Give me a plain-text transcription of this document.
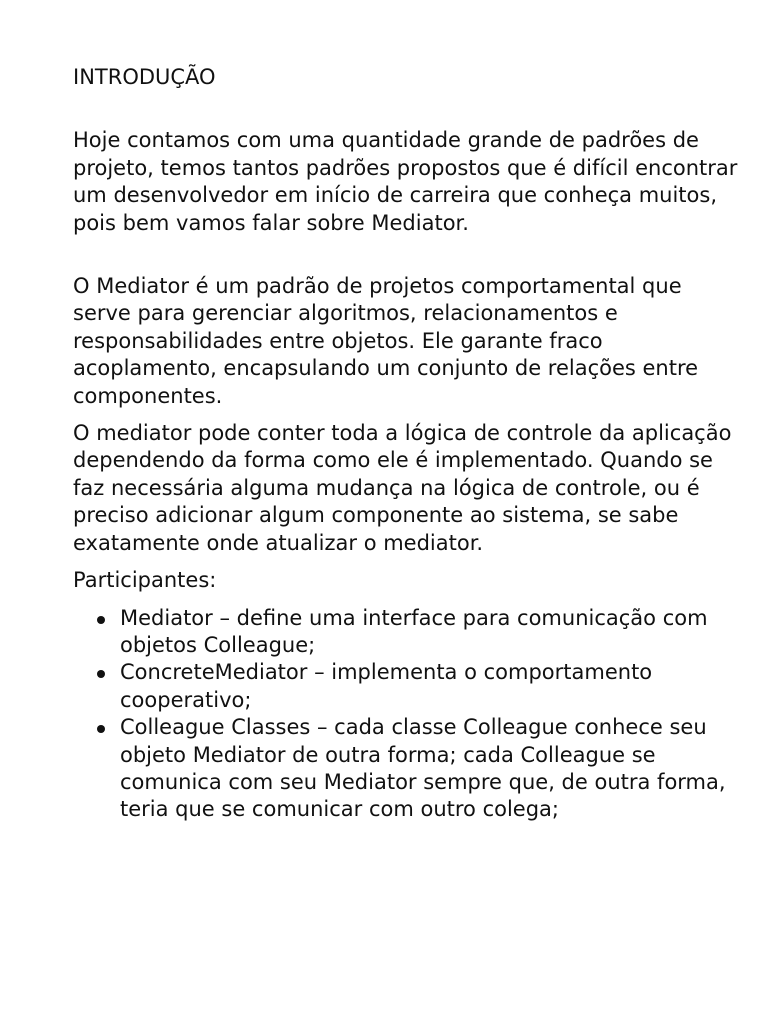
INTRODUÇÃO

Hoje contamos com uma quantidade grande de padrões de projeto, temos tantos padrões propostos que é difícil encontrar um desenvolvedor em início de carreira que conheça muitos, pois bem vamos falar sobre Mediator.

O Mediator é um padrão de projetos comportamental que serve para gerenciar algoritmos, relacionamentos e responsabilidades entre objetos. Ele garante fraco acoplamento, encapsulando um conjunto de relações entre componentes.

O mediator pode conter toda a lógica de controle da aplicação dependendo da forma como ele é implementado. Quando se faz necessária alguma mudança na lógica de controle, ou é preciso adicionar algum componente ao sistema, se sabe exatamente onde atualizar o mediator.

Participantes:

Mediator – define uma interface para comunicação com objetos Colleague;
ConcreteMediator – implementa o comportamento cooperativo;
Colleague Classes – cada classe Colleague conhece seu objeto Mediator de outra forma; cada Colleague se comunica com seu Mediator sempre que, de outra forma, teria que se comunicar com outro colega;
